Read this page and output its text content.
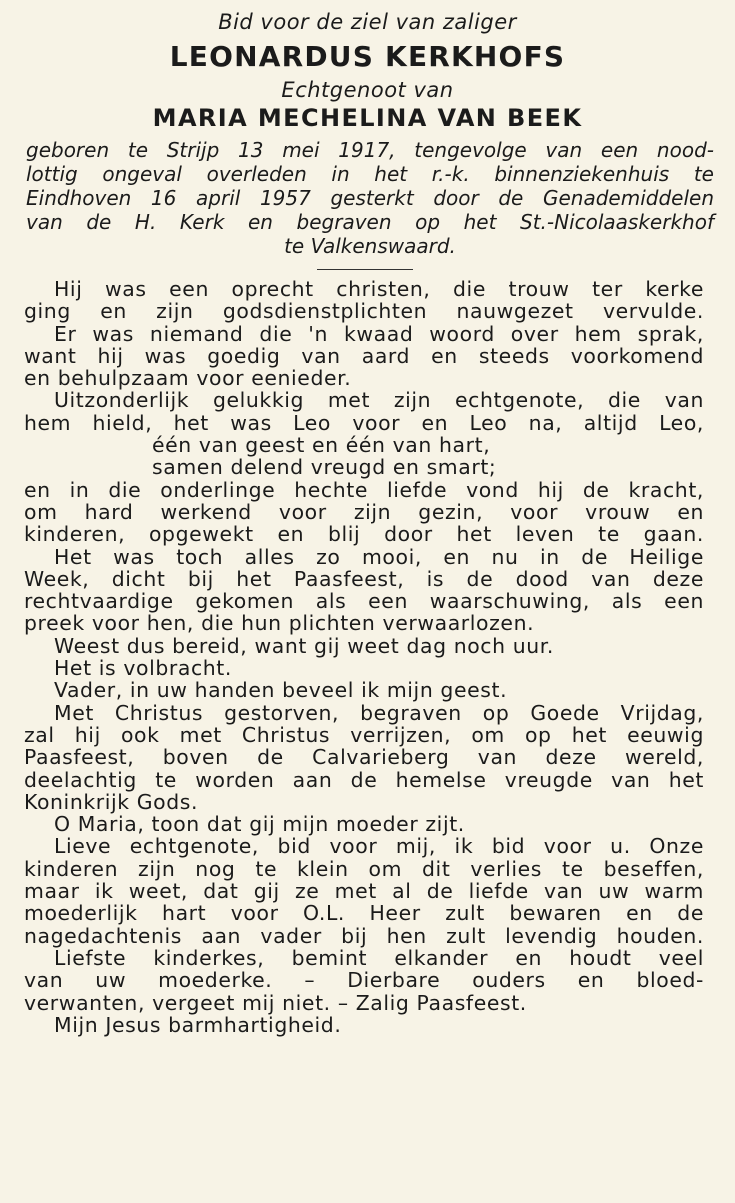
Bid voor de ziel van zaliger
LEONARDUS KERKHOFS
Echtgenoot van
MARIA MECHELINA VAN BEEK
geboren te Strijp 13 mei 1917, tengevolge van een nood-
lottig ongeval overleden in het r.-k. binnenziekenhuis te
Eindhoven 16 april 1957 gesterkt door de Genademiddelen
van de H. Kerk en begraven op het St.-Nicolaaskerkhof
te Valkenswaard.
Hij was een oprecht christen, die trouw ter kerke
ging en zijn godsdienstplichten nauwgezet vervulde.
Er was niemand die 'n kwaad woord over hem sprak,
want hij was goedig van aard en steeds voorkomend
en behulpzaam voor eenieder.
Uitzonderlijk gelukkig met zijn echtgenote, die van
hem hield, het was Leo voor en Leo na, altijd Leo,
één van geest en één van hart,
samen delend vreugd en smart;
en in die onderlinge hechte liefde vond hij de kracht,
om hard werkend voor zijn gezin, voor vrouw en
kinderen, opgewekt en blij door het leven te gaan.
Het was toch alles zo mooi, en nu in de Heilige
Week, dicht bij het Paasfeest, is de dood van deze
rechtvaardige gekomen als een waarschuwing, als een
preek voor hen, die hun plichten verwaarlozen.
Weest dus bereid, want gij weet dag noch uur.
Het is volbracht.
Vader, in uw handen beveel ik mijn geest.
Met Christus gestorven, begraven op Goede Vrijdag,
zal hij ook met Christus verrijzen, om op het eeuwig
Paasfeest, boven de Calvarieberg van deze wereld,
deelachtig te worden aan de hemelse vreugde van het
Koninkrijk Gods.
O Maria, toon dat gij mijn moeder zijt.
Lieve echtgenote, bid voor mij, ik bid voor u. Onze
kinderen zijn nog te klein om dit verlies te beseffen,
maar ik weet, dat gij ze met al de liefde van uw warm
moederlijk hart voor O.L. Heer zult bewaren en de
nagedachtenis aan vader bij hen zult levendig houden.
Liefste kinderkes, bemint elkander en houdt veel
van uw moederke. – Dierbare ouders en bloed-
verwanten, vergeet mij niet. – Zalig Paasfeest.
Mijn Jesus barmhartigheid.
